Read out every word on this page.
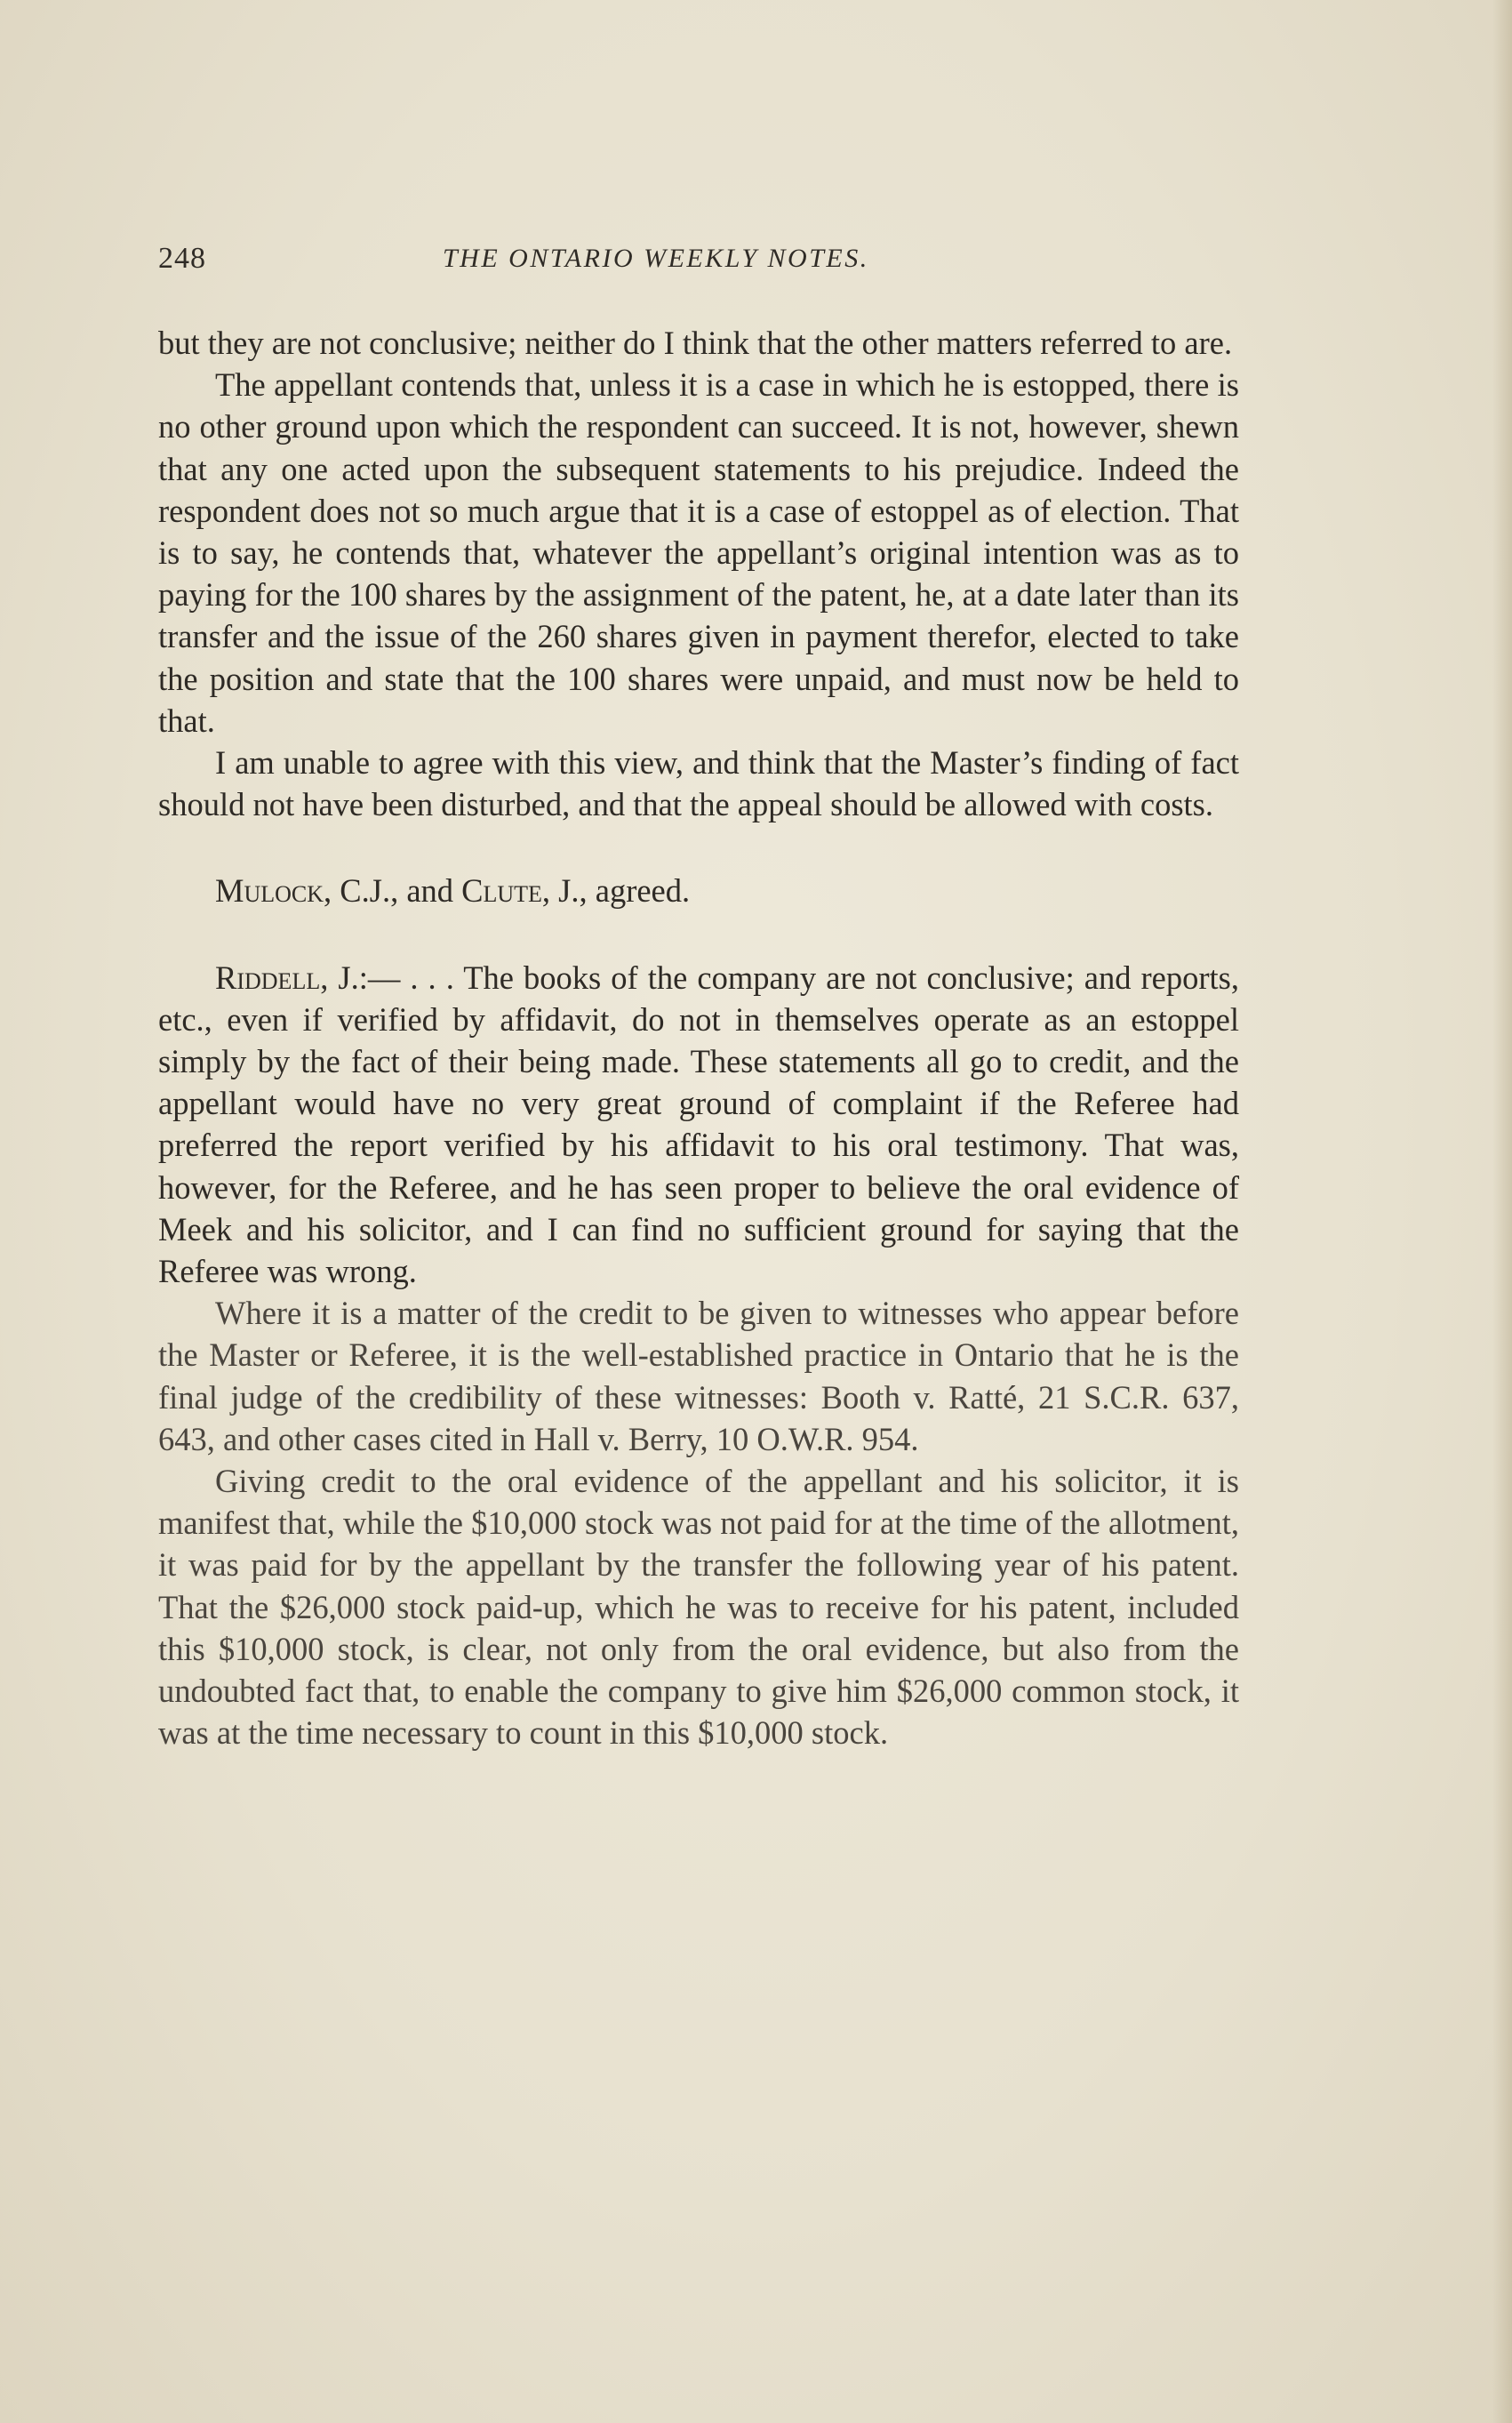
248	THE ONTARIO WEEKLY NOTES.

but they are not conclusive; neither do I think that the other matters referred to are.

The appellant contends that, unless it is a case in which he is estopped, there is no other ground upon which the respondent can succeed. It is not, however, shewn that any one acted upon the subsequent statements to his prejudice. Indeed the respondent does not so much argue that it is a case of estoppel as of election. That is to say, he contends that, whatever the appellant’s original intention was as to paying for the 100 shares by the assignment of the patent, he, at a date later than its transfer and the issue of the 260 shares given in payment therefor, elected to take the position and state that the 100 shares were unpaid, and must now be held to that.

I am unable to agree with this view, and think that the Master’s finding of fact should not have been disturbed, and that the appeal should be allowed with costs.

Mulock, C.J., and Clute, J., agreed.

Riddell, J.:— . . . The books of the company are not conclusive; and reports, etc., even if verified by affidavit, do not in themselves operate as an estoppel simply by the fact of their being made. These statements all go to credit, and the appellant would have no very great ground of complaint if the Referee had preferred the report verified by his affidavit to his oral testimony. That was, however, for the Referee, and he has seen proper to believe the oral evidence of Meek and his solicitor, and I can find no sufficient ground for saying that the Referee was wrong.

Where it is a matter of the credit to be given to witnesses who appear before the Master or Referee, it is the well-established practice in Ontario that he is the final judge of the credibility of these witnesses: Booth v. Ratté, 21 S.C.R. 637, 643, and other cases cited in Hall v. Berry, 10 O.W.R. 954.

Giving credit to the oral evidence of the appellant and his solicitor, it is manifest that, while the $10,000 stock was not paid for at the time of the allotment, it was paid for by the appellant by the transfer the following year of his patent. That the $26,000 stock paid-up, which he was to receive for his patent, included this $10,000 stock, is clear, not only from the oral evidence, but also from the undoubted fact that, to enable the company to give him $26,000 common stock, it was at the time necessary to count in this $10,000 stock.
